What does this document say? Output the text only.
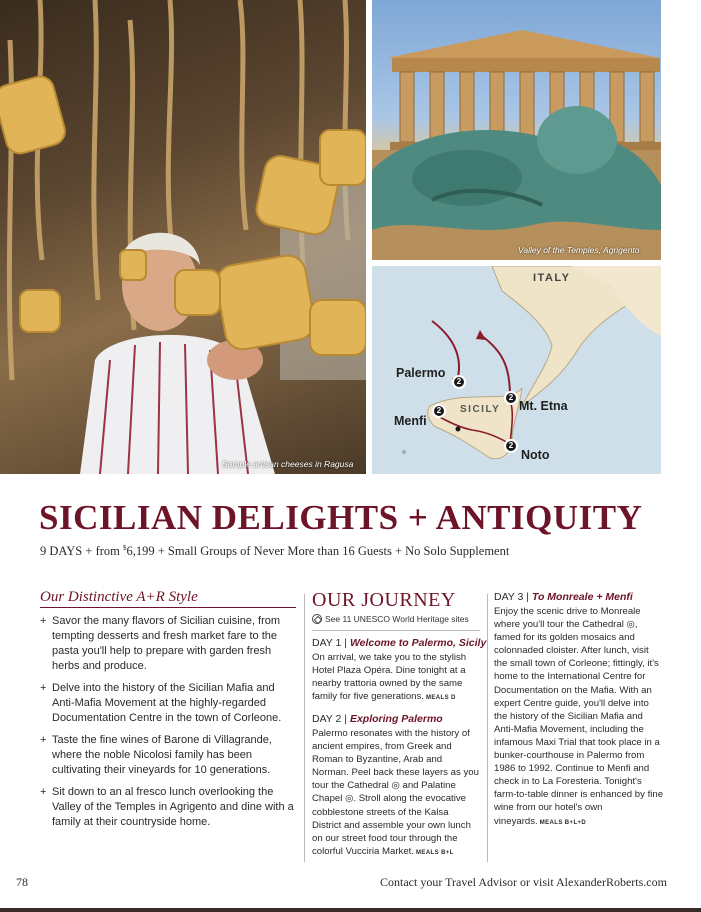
Sample artisan cheeses in Ragusa
Valley of the Temples, Agrigento
ITALY
SICILY
Palermo
2
Menfi
2	Mt. Etna
2
Noto
2
SICILIAN DELIGHTS + ANTIQUITY
9 DAYS + from $6,199 + Small Groups of Never More than 16 Guests + No Solo Supplement
Our Distinctive A+R Style
+ Savor the many flavors of Sicilian cuisine, from tempting desserts and fresh market fare to the pasta you'll help to prepare with garden fresh herbs and produce.
+ Delve into the history of the Sicilian Mafia and Anti-Mafia Movement at the highly-regarded Documentation Centre in the town of Corleone.
+ Taste the fine wines of Barone di Villagrande, where the noble Nicolosi family has been cultivating their vineyards for 10 generations.
+ Sit down to an al fresco lunch overlooking the Valley of the Temples in Agrigento and dine with a family at their countryside home.
OUR JOURNEY
See 11 UNESCO World Heritage sites
DAY 1 | Welcome to Palermo, Sicily
On arrival, we take you to the stylish Hotel Plaza Opéra. Dine tonight at a nearby trattoria owned by the same family for five generations. MEALS D
DAY 2 | Exploring Palermo
Palermo resonates with the history of ancient empires, from Greek and Roman to Byzantine, Arab and Norman. Peel back these layers as you tour the Cathedral ◎ and Palatine Chapel ◎. Stroll along the evocative cobblestone streets of the Kalsa District and assemble your own lunch on our street food tour through the colorful Vucciria Market. MEALS B+L
DAY 3 | To Monreale + Menfi
Enjoy the scenic drive to Monreale where you'll tour the Cathedral ◎, famed for its golden mosaics and colonnaded cloister. After lunch, visit the small town of Corleone; fittingly, it's home to the International Centre for Documentation on the Mafia. With an expert Centre guide, you'll delve into the history of the Sicilian Mafia and Anti-Mafia Movement, including the infamous Maxi Trial that took place in a bunker-courthouse in Palermo from 1986 to 1992. Continue to Menfi and check in to La Foresteria. Tonight's farm-to-table dinner is enhanced by fine wine from our hotel's own vineyards. MEALS B+L+D
78	Contact your Travel Advisor or visit AlexanderRoberts.com
